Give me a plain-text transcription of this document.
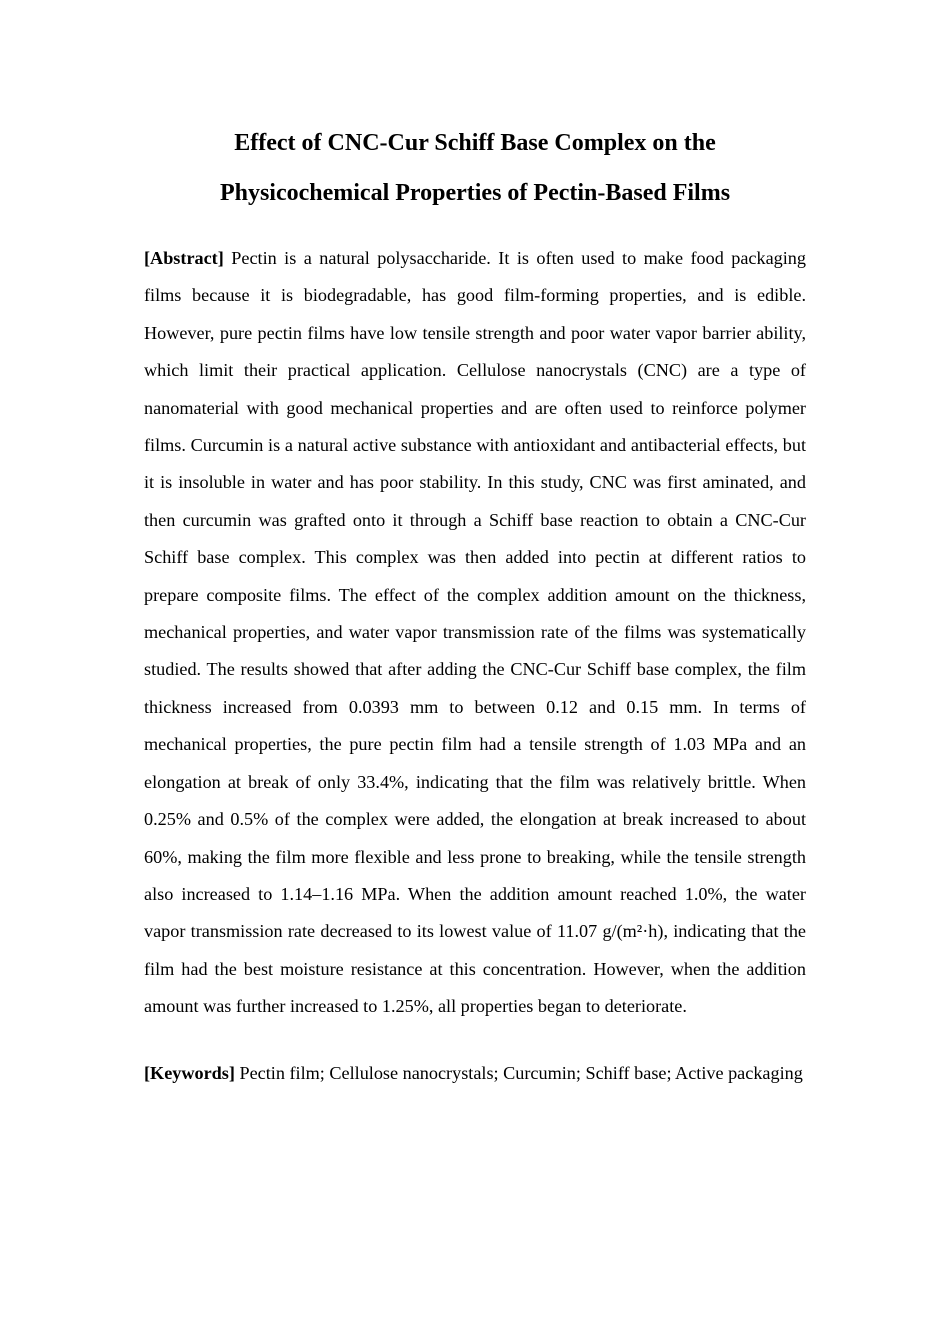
Effect of CNC-Cur Schiff Base Complex on the
Physicochemical Properties of Pectin-Based Films

[Abstract] Pectin is a natural polysaccharide. It is often used to make food packaging films because it is biodegradable, has good film-forming properties, and is edible. However, pure pectin films have low tensile strength and poor water vapor barrier ability, which limit their practical application. Cellulose nanocrystals (CNC) are a type of nanomaterial with good mechanical properties and are often used to reinforce polymer films. Curcumin is a natural active substance with antioxidant and antibacterial effects, but it is insoluble in water and has poor stability. In this study, CNC was first aminated, and then curcumin was grafted onto it through a Schiff base reaction to obtain a CNC-Cur Schiff base complex. This complex was then added into pectin at different ratios to prepare composite films. The effect of the complex addition amount on the thickness, mechanical properties, and water vapor transmission rate of the films was systematically studied. The results showed that after adding the CNC-Cur Schiff base complex, the film thickness increased from 0.0393 mm to between 0.12 and 0.15 mm. In terms of mechanical properties, the pure pectin film had a tensile strength of 1.03 MPa and an elongation at break of only 33.4%, indicating that the film was relatively brittle. When 0.25% and 0.5% of the complex were added, the elongation at break increased to about 60%, making the film more flexible and less prone to breaking, while the tensile strength also increased to 1.14–1.16 MPa. When the addition amount reached 1.0%, the water vapor transmission rate decreased to its lowest value of 11.07 g/(m²·h), indicating that the film had the best moisture resistance at this concentration. However, when the addition amount was further increased to 1.25%, all properties began to deteriorate.

[Keywords] Pectin film; Cellulose nanocrystals; Curcumin; Schiff base; Active packaging
